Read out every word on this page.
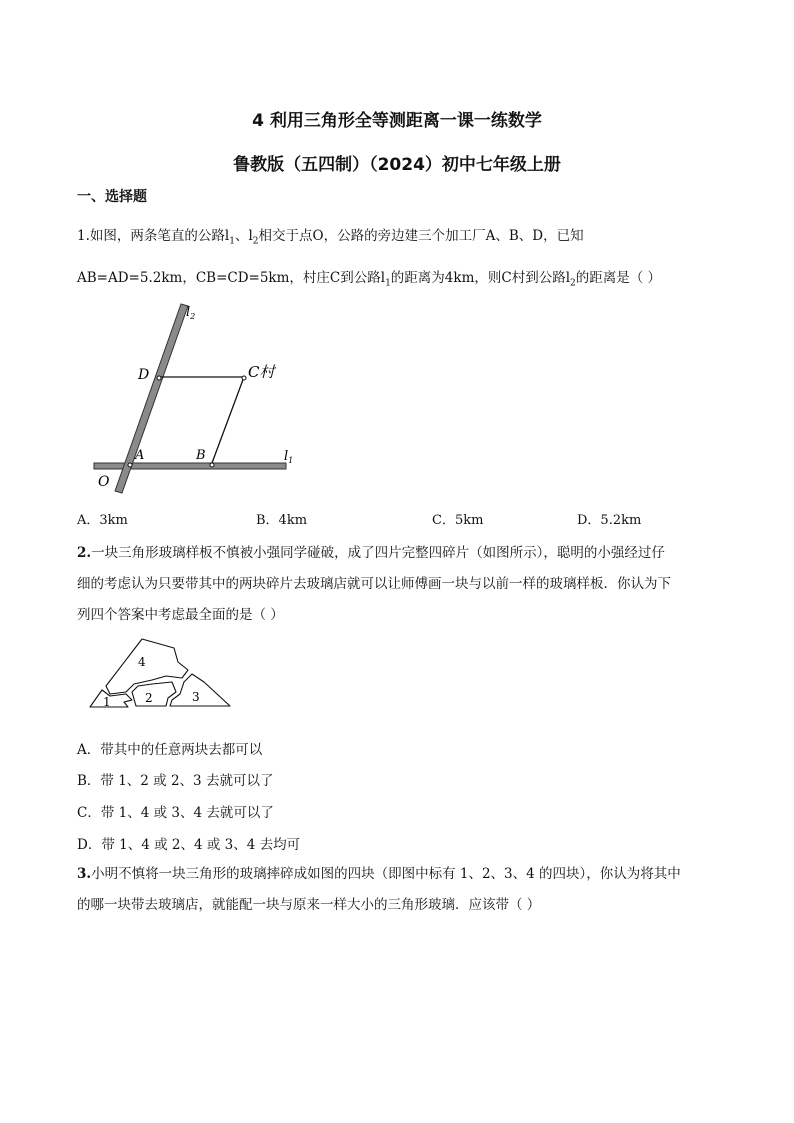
4 利用三角形全等测距离一课一练数学
鲁教版（五四制）（2024）初中七年级上册
一、选择题
1.如图，两条笔直的公路$l_1$、$l_2$相交于点O，公路的旁边建三个加工厂A、B、D，已知
AB=AD=5.2km，CB=CD=5km，村庄C到公路$l_1$的距离为4km，则C村到公路$l_2$的距离是（ ）
$l_2$
D	C村
A	B	$l_1$
O
A．3km	B．4km	C．5km	D．5.2km
2.一块三角形玻璃样板不慎被小强同学碰破，成了四片完整四碎片（如图所示），聪明的小强经过仔
细的考虑认为只要带其中的两块碎片去玻璃店就可以让师傅画一块与以前一样的玻璃样板．你认为下
列四个答案中考虑最全面的是（ ）
4
1	2	3
A．带其中的任意两块去都可以
B．带 1、2 或 2、3 去就可以了
C．带 1、4 或 3、4 去就可以了
D．带 1、4 或 2、4 或 3、4 去均可
3.小明不慎将一块三角形的玻璃摔碎成如图的四块（即图中标有 1、2、3、4 的四块），你认为将其中
的哪一块带去玻璃店，就能配一块与原来一样大小的三角形玻璃．应该带（ ）
